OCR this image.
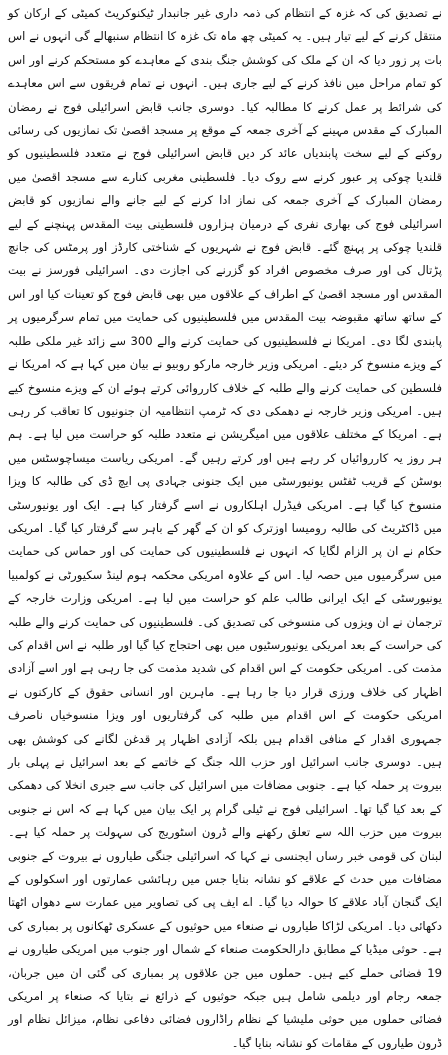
نے تصدیق کی کہ غزہ کے انتظام کی ذمہ داری غیر جانبدار ٹیکنوکریٹ کمیٹی کے ارکان کو منتقل کرنے کے لیے تیار ہیں۔ یہ کمیٹی چھ ماہ تک غزہ کا انتظام سنبھالے گی انہوں نے اس بات پر زور دیا کہ ان کے ملک کی کوشش جنگ بندی کے معاہدے کو مستحکم کرنے اور اس کو تمام مراحل میں نافذ کرنے کے لیے جاری ہیں۔ انہوں نے تمام فریقوں سے اس معاہدے کی شرائط پر عمل کرنے کا مطالبہ کیا۔ دوسری جانب قابض اسرائیلی فوج نے رمضان المبارک کے مقدس مہینے کے آخری جمعہ کے موقع پر مسجد اقصیٰ تک نمازیوں کی رسائی روکنے کے لیے سخت پابندیاں عائد کر دیں قابض اسرائیلی فوج نے متعدد فلسطینیوں کو قلندیا چوکی پر عبور کرنے سے روک دیا۔ فلسطینی مغربی کنارے سے مسجد اقصیٰ میں رمضان المبارک کے آخری جمعہ کی نماز ادا کرنے کے لیے جانے والے نمازیوں کو قابض اسرائیلی فوج کی بھاری نفری کے درمیان ہزاروں فلسطینی بیت المقدس پہنچنے کے لیے قلندیا چوکی پر پہنچ گئے۔ قابض فوج نے شہریوں کے شناختی کارڈز اور پرمٹس کی جانچ پڑتال کی اور صرف مخصوص افراد کو گزرنے کی اجازت دی۔ اسرائیلی فورسز نے بیت المقدس اور مسجد اقصیٰ کے اطراف کے علاقوں میں بھی قابض فوج کو تعینات کیا اور اس کے ساتھ ساتھ مقبوضہ بیت المقدس میں فلسطینیوں کی حمایت میں تمام سرگرمیوں پر پابندی لگا دی۔ امریکا نے فلسطینیوں کی حمایت کرنے والے 300 سے زائد غیر ملکی طلبہ کے ویزے منسوخ کر دیئے۔ امریکی وزیر خارجہ مارکو روبیو نے بیان میں کہا ہے کہ امریکا نے فلسطین کی حمایت کرنے والے طلبہ کے خلاف کارروائی کرتے ہوئے ان کے ویزے منسوخ کیے ہیں۔ امریکی وزیر خارجہ نے دھمکی دی کہ ٹرمپ انتظامیہ ان جنونیوں کا تعاقب کر رہی ہے۔ امریکا کے مختلف علاقوں میں امیگریشن نے متعدد طلبہ کو حراست میں لیا ہے۔ ہم ہر روز یہ کارروائیاں کر رہے ہیں اور کرتے رہیں گے۔ امریکی ریاست میساچوسٹس میں بوسٹن کے قریب ٹفٹس یونیورسٹی میں ایک جنونی جہادی پی ایچ ڈی کی طالبہ کا ویزا منسوخ کیا گیا ہے۔ امریکی فیڈرل اہلکاروں نے اسے گرفتار کیا ہے۔ ایک اور یونیورسٹی میں ڈاکٹریٹ کی طالبہ رومیسا اوزترک کو ان کے گھر کے باہر سے گرفتار کیا گیا۔ امریکی حکام نے ان پر الزام لگایا کہ انہوں نے فلسطینیوں کی حمایت کی اور حماس کی حمایت میں سرگرمیوں میں حصہ لیا۔ اس کے علاوہ امریکی محکمہ ہوم لینڈ سکیورٹی نے کولمبیا یونیورسٹی کے ایک ایرانی طالب علم کو حراست میں لیا ہے۔ امریکی وزارت خارجہ کے ترجمان نے ان ویزوں کی منسوخی کی تصدیق کی۔ فلسطینیوں کی حمایت کرنے والے طلبہ کی حراست کے بعد امریکی یونیورسٹیوں میں بھی احتجاج کیا گیا اور طلبہ نے اس اقدام کی مذمت کی۔ امریکی حکومت کے اس اقدام کی شدید مذمت کی جا رہی ہے اور اسے آزادی اظہار کی خلاف ورزی قرار دیا جا رہا ہے۔ ماہرین اور انسانی حقوق کے کارکنوں نے امریکی حکومت کے اس اقدام میں طلبہ کی گرفتاریوں اور ویزا منسوخیاں ناصرف جمہوری اقدار کے منافی اقدام ہیں بلکہ آزادی اظہار پر قدغن لگانے کی کوشش بھی ہیں۔ دوسری جانب اسرائیل اور حزب اللہ جنگ کے خاتمے کے بعد اسرائیل نے پہلی بار بیروت پر حملہ کیا ہے۔ جنوبی مضافات میں اسرائیل کی جانب سے جبری انخلا کی دھمکی کے بعد کیا گیا تھا۔ اسرائیلی فوج نے ٹیلی گرام پر ایک بیان میں کہا ہے کہ اس نے جنوبی بیروت میں حزب اللہ سے تعلق رکھنے والے ڈرون اسٹوریج کی سہولت پر حملہ کیا ہے۔ لبنان کی قومی خبر رساں ایجنسی نے کہا کہ اسرائیلی جنگی طیاروں نے بیروت کے جنوبی مضافات میں حدث کے علاقے کو نشانہ بنایا جس میں رہائشی عمارتوں اور اسکولوں کے ایک گنجان آباد علاقے کا حوالہ دیا گیا۔ اے ایف پی کی تصاویر میں عمارت سے دھواں اٹھتا دکھائی دیا۔ امریکی لڑاکا طیاروں نے صنعاء میں حوثیوں کے عسکری ٹھکانوں پر بمباری کی ہے۔ حوثی میڈیا کے مطابق دارالحکومت صنعاء کے شمال اور جنوب میں امریکی طیاروں نے 19 فضائی حملے کیے ہیں۔ حملوں میں جن علاقوں پر بمباری کی گئی ان میں جربان، جمعہ رجام اور دیلمی شامل ہیں جبکہ حوثیوں کے ذرائع نے بتایا کہ صنعاء پر امریکی فضائی حملوں میں حوثی ملیشیا کے نظام راڈاروں فضائی دفاعی نظام، میزائل نظام اور ڈرون طیاروں کے مقامات کو نشانہ بنایا گیا۔
